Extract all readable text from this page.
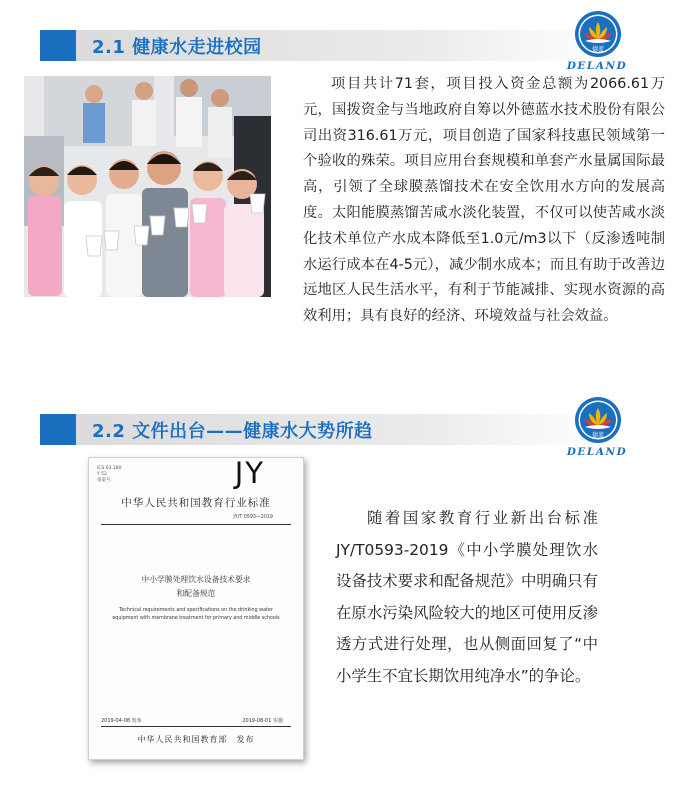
2.1 健康水走进校园	德蓝
DELAND
项目共计71套，项目投入资金总额为2066.61万元，国拨资金与当地政府自筹以外德蓝水技术股份有限公司出资316.61万元，项目创造了国家科技惠民领域第一个验收的殊荣。项目应用台套规模和单套产水量属国际最高，引领了全球膜蒸馏技术在安全饮用水方向的发展高度。太阳能膜蒸馏苦咸水淡化装置，不仅可以使苦咸水淡化技术单位产水成本降低至1.0元/m3以下（反渗透吨制水运行成本在4-5元），减少制水成本；而且有助于改善边远地区人民生活水平，有利于节能减排、实现水资源的高效利用；具有良好的经济、环境效益与社会效益。
2.2 文件出台——健康水大势所趋	德蓝
DELAND
ICS 03.180
Y 52
备案号：	JY
中华人民共和国教育行业标准
JY/T 0593—2019
中小学膜处理饮水设备技术要求
和配备规范
Technical requirements and specifications on the drinking water
equipment with membrane treatment for primary and middle schools
2019-04-08 发布	2019-08-01 实施
中华人民共和国教育部　发布
随着国家教育行业新出台标准JY/T0593-2019《中小学膜处理饮水设备技术要求和配备规范》中明确只有在原水污染风险较大的地区可使用反渗透方式进行处理，也从侧面回复了“中小学生不宜长期饮用纯净水”的争论。
